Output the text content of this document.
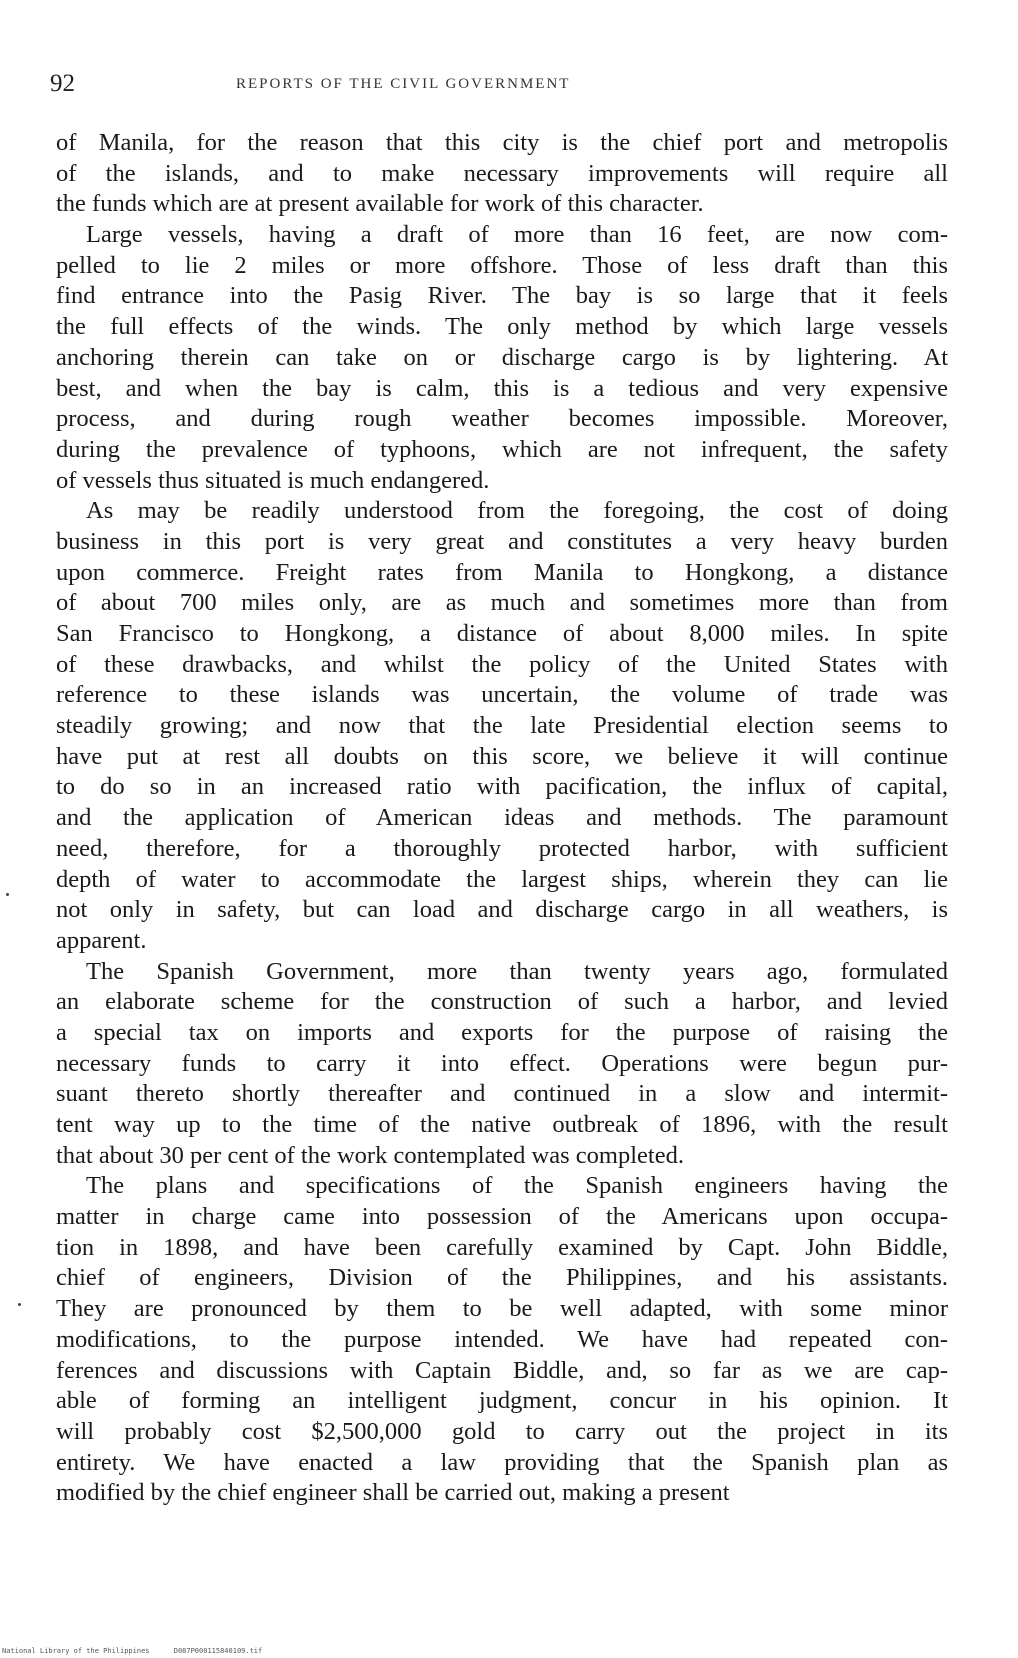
92	REPORTS OF THE CIVIL GOVERNMENT
of Manila, for the reason that this city is the chief port and metropolis
of the islands, and to make necessary improvements will require all
the funds which are at present available for work of this character.
Large vessels, having a draft of more than 16 feet, are now com-
pelled to lie 2 miles or more offshore. Those of less draft than this
find entrance into the Pasig River. The bay is so large that it feels
the full effects of the winds. The only method by which large vessels
anchoring therein can take on or discharge cargo is by lightering. At
best, and when the bay is calm, this is a tedious and very expensive
process, and during rough weather becomes impossible. Moreover,
during the prevalence of typhoons, which are not infrequent, the safety
of vessels thus situated is much endangered.
As may be readily understood from the foregoing, the cost of doing
business in this port is very great and constitutes a very heavy burden
upon commerce. Freight rates from Manila to Hongkong, a distance
of about 700 miles only, are as much and sometimes more than from
San Francisco to Hongkong, a distance of about 8,000 miles. In spite
of these drawbacks, and whilst the policy of the United States with
reference to these islands was uncertain, the volume of trade was
steadily growing; and now that the late Presidential election seems to
have put at rest all doubts on this score, we believe it will continue
to do so in an increased ratio with pacification, the influx of capital,
and the application of American ideas and methods. The paramount
need, therefore, for a thoroughly protected harbor, with sufficient
depth of water to accommodate the largest ships, wherein they can lie
not only in safety, but can load and discharge cargo in all weathers, is
apparent.
The Spanish Government, more than twenty years ago, formulated
an elaborate scheme for the construction of such a harbor, and levied
a special tax on imports and exports for the purpose of raising the
necessary funds to carry it into effect. Operations were begun pur-
suant thereto shortly thereafter and continued in a slow and intermit-
tent way up to the time of the native outbreak of 1896, with the result
that about 30 per cent of the work contemplated was completed.
The plans and specifications of the Spanish engineers having the
matter in charge came into possession of the Americans upon occupa-
tion in 1898, and have been carefully examined by Capt. John Biddle,
chief of engineers, Division of the Philippines, and his assistants.
They are pronounced by them to be well adapted, with some minor
modifications, to the purpose intended. We have had repeated con-
ferences and discussions with Captain Biddle, and, so far as we are cap-
able of forming an intelligent judgment, concur in his opinion. It
will probably cost $2,500,000 gold to carry out the project in its
entirety. We have enacted a law providing that the Spanish plan as
modified by the chief engineer shall be carried out, making a present
National Library of the Philippines	D087P000115840109.tif
